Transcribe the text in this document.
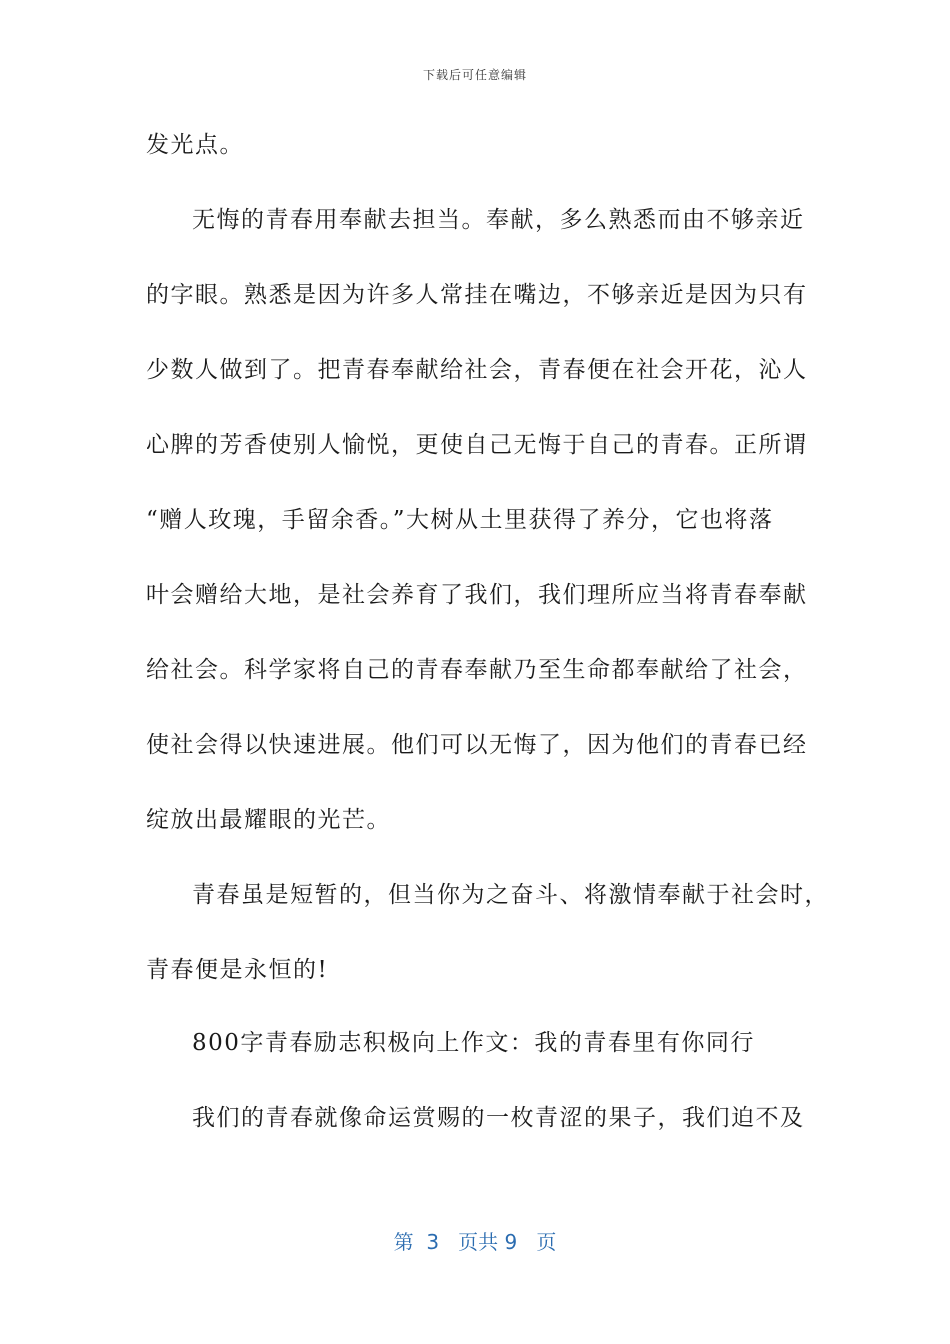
下载后可任意编辑
发光点。
无悔的青春用奉献去担当。奉献，多么熟悉而由不够亲近
的字眼。熟悉是因为许多人常挂在嘴边，不够亲近是因为只有
少数人做到了。把青春奉献给社会，青春便在社会开花，沁人
心脾的芳香使别人愉悦，更使自己无悔于自己的青春。正所谓
“赠人玫瑰，手留余香。”大树从土里获得了养分，它也将落
叶会赠给大地，是社会养育了我们，我们理所应当将青春奉献
给社会。科学家将自己的青春奉献乃至生命都奉献给了社会，
使社会得以快速进展。他们可以无悔了，因为他们的青春已经
绽放出最耀眼的光芒。
青春虽是短暂的，但当你为之奋斗、将激情奉献于社会时，
青春便是永恒的!
800字青春励志积极向上作文：我的青春里有你同行
我们的青春就像命运赏赐的一枚青涩的果子，我们迫不及
第  3   页共 9   页
